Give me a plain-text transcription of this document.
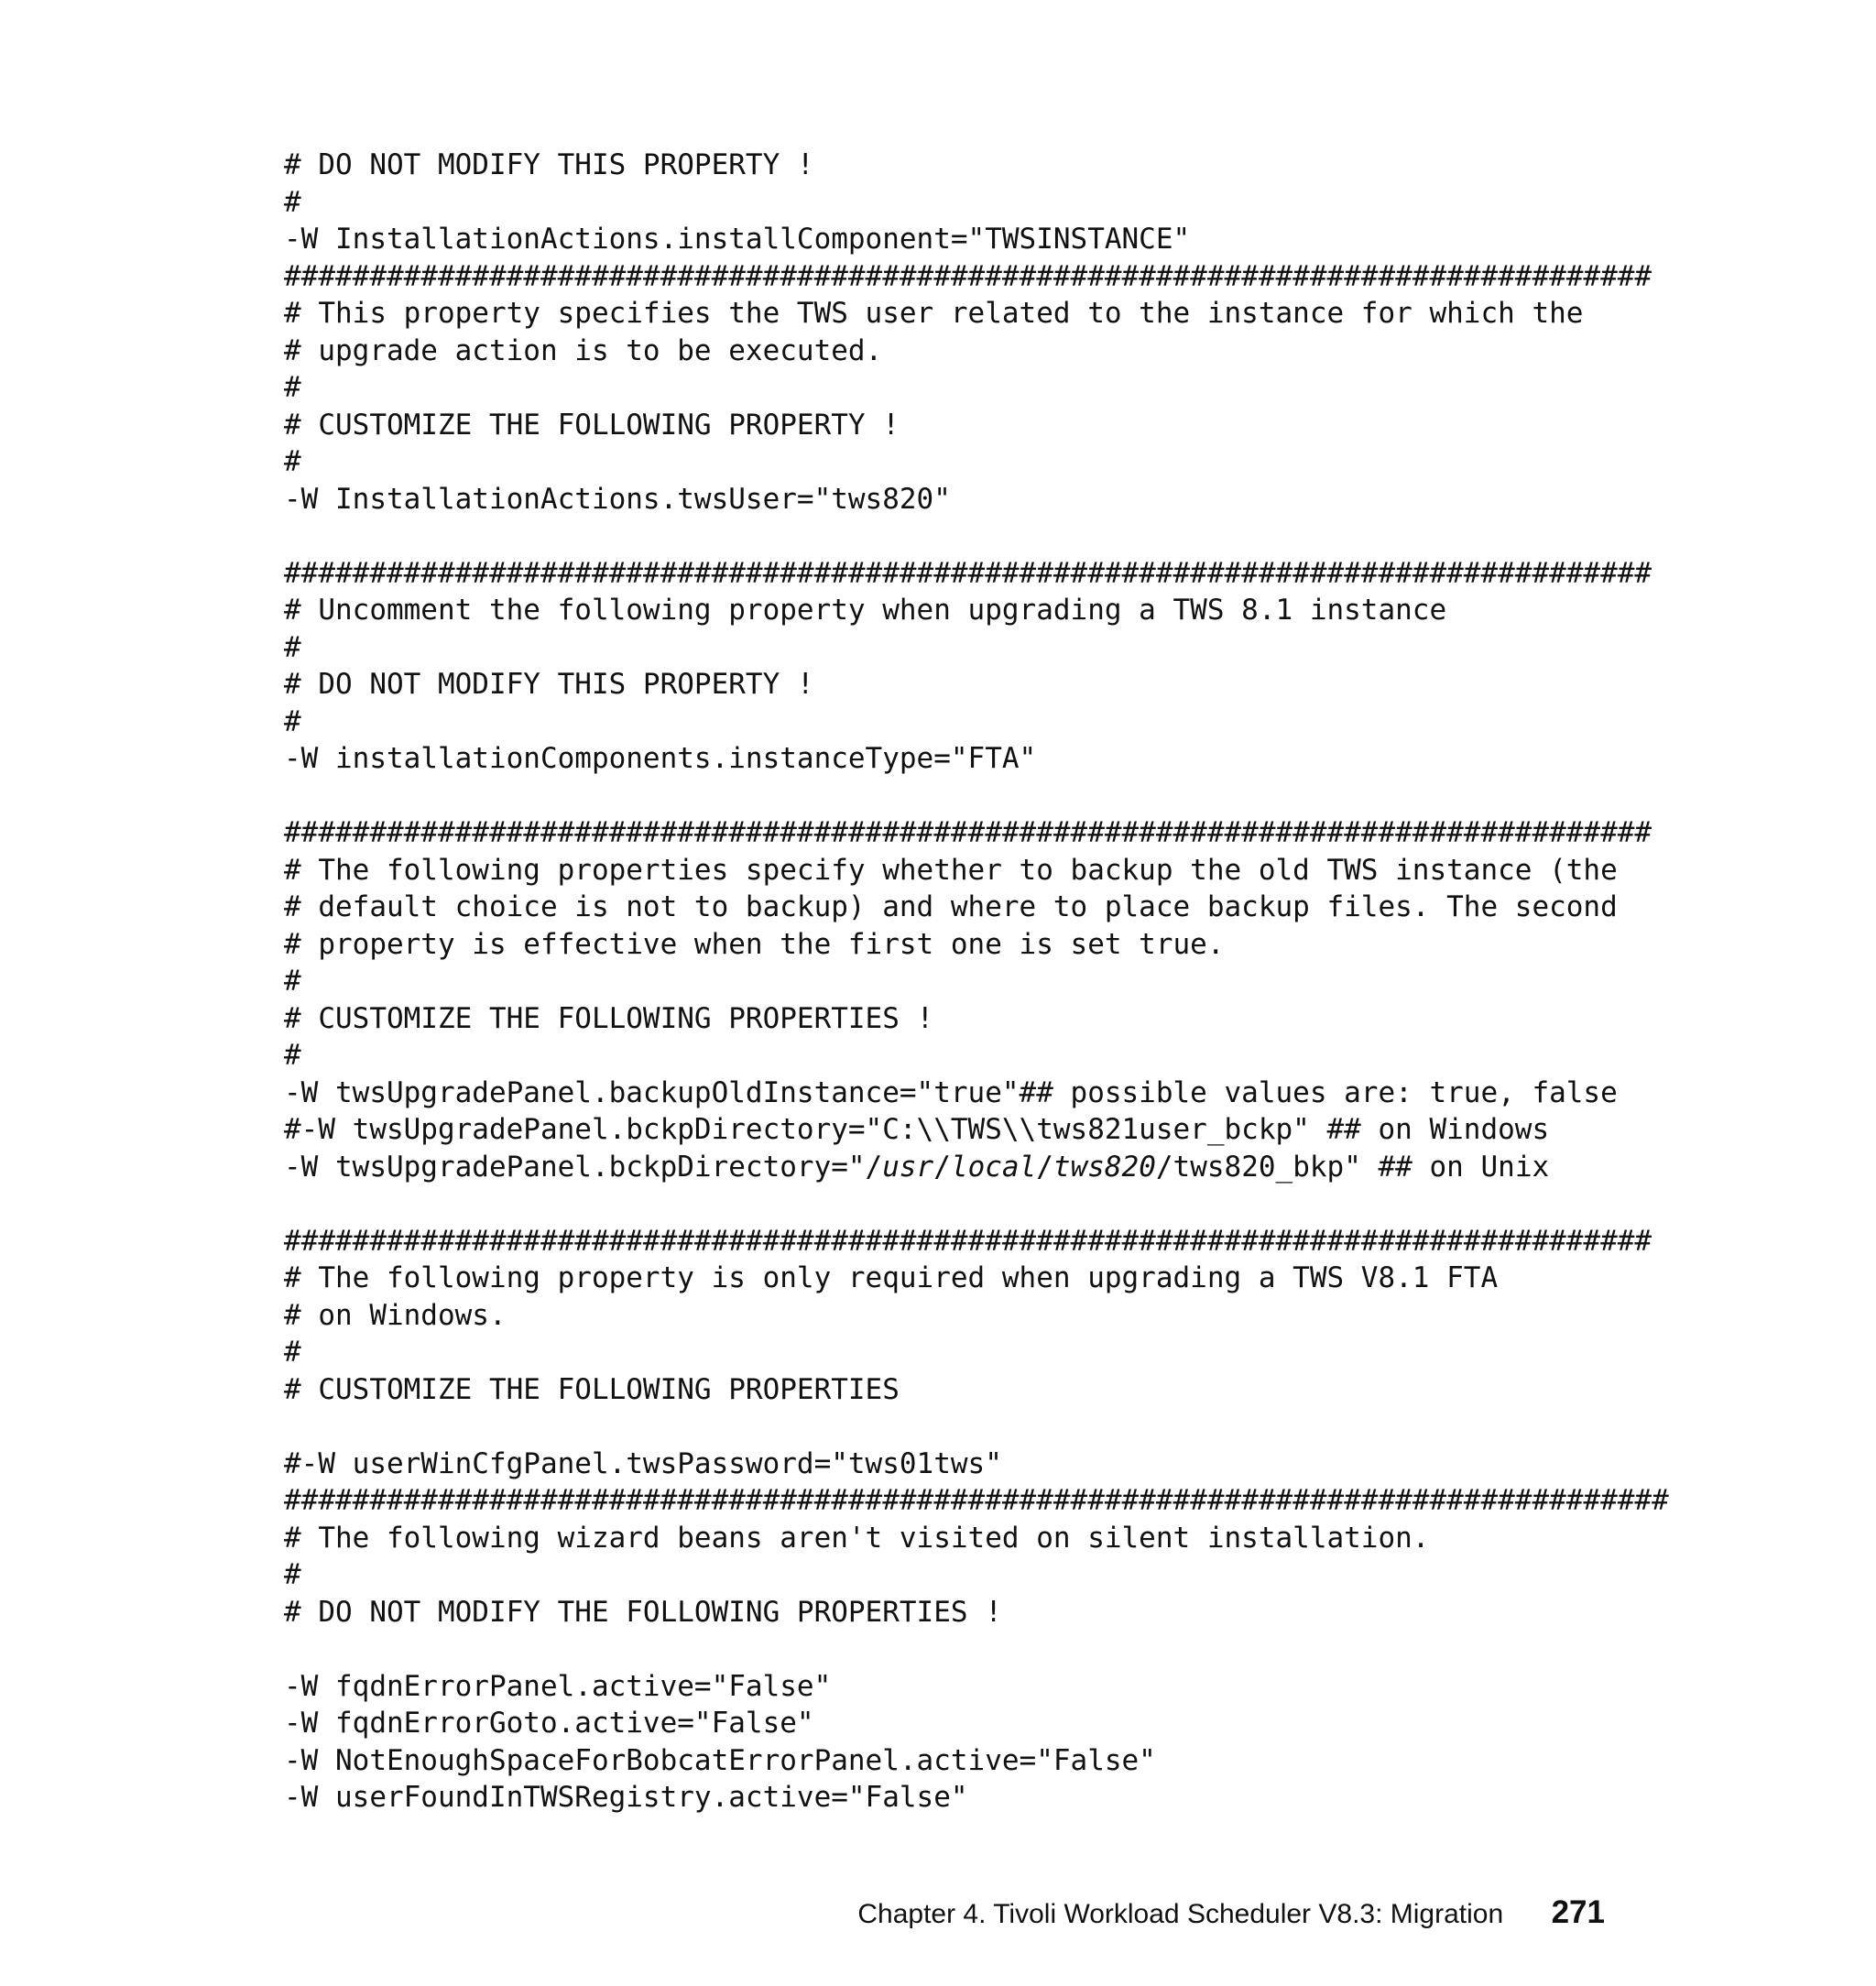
# DO NOT MODIFY THIS PROPERTY !
#
-W InstallationActions.installComponent="TWSINSTANCE"
################################################################################
# This property specifies the TWS user related to the instance for which the
# upgrade action is to be executed.
#
# CUSTOMIZE THE FOLLOWING PROPERTY !
#
-W InstallationActions.twsUser="tws820"
################################################################################
# Uncomment the following property when upgrading a TWS 8.1 instance
#
# DO NOT MODIFY THIS PROPERTY !
#
-W installationComponents.instanceType="FTA"
################################################################################
# The following properties specify whether to backup the old TWS instance (the
# default choice is not to backup) and where to place backup files. The second
# property is effective when the first one is set true.
#
# CUSTOMIZE THE FOLLOWING PROPERTIES !
#
-W twsUpgradePanel.backupOldInstance="true"## possible values are: true, false
#-W twsUpgradePanel.bckpDirectory="C:\\TWS\\tws821user_bckp" ## on Windows
-W twsUpgradePanel.bckpDirectory="/usr/local/tws820/tws820_bkp" ## on Unix
################################################################################
# The following property is only required when upgrading a TWS V8.1 FTA
# on Windows.
#
# CUSTOMIZE THE FOLLOWING PROPERTIES
#-W userWinCfgPanel.twsPassword="tws01tws"
#################################################################################
# The following wizard beans aren't visited on silent installation.
#
# DO NOT MODIFY THE FOLLOWING PROPERTIES !
-W fqdnErrorPanel.active="False"
-W fqdnErrorGoto.active="False"
-W NotEnoughSpaceForBobcatErrorPanel.active="False"
-W userFoundInTWSRegistry.active="False"
Chapter 4. Tivoli Workload Scheduler V8.3: Migration 271
